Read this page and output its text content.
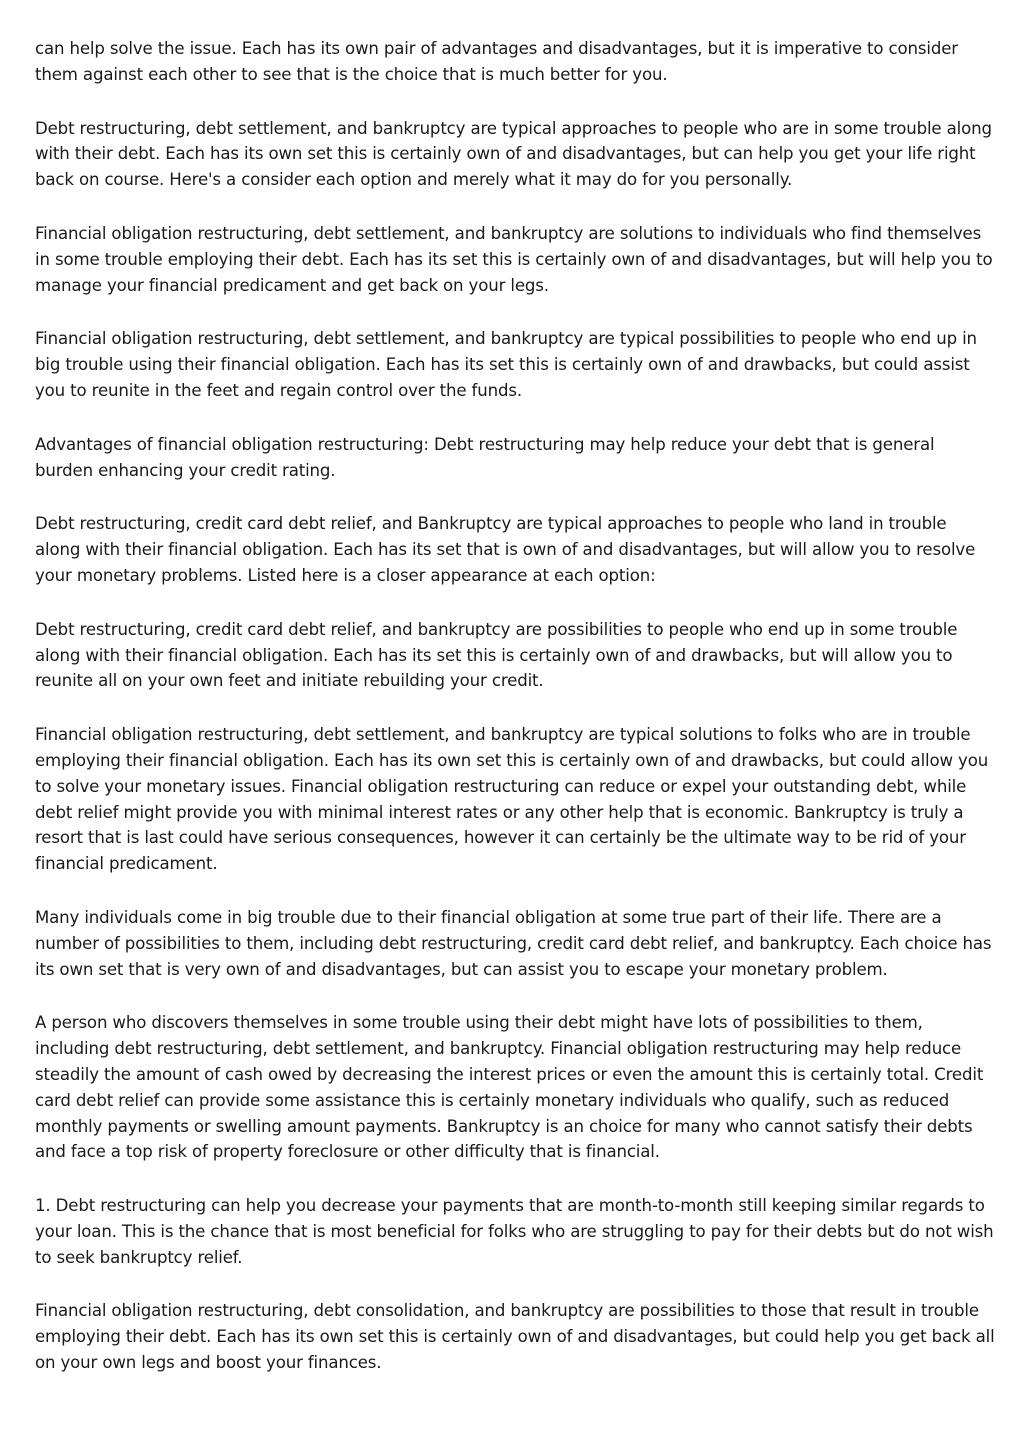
can help solve the issue. Each has its own pair of advantages and disadvantages, but it is imperative to consider them against each other to see that is the choice that is much better for you.

Debt restructuring, debt settlement, and bankruptcy are typical approaches to people who are in some trouble along with their debt. Each has its own set this is certainly own of and disadvantages, but can help you get your life right back on course. Here's a consider each option and merely what it may do for you personally.

Financial obligation restructuring, debt settlement, and bankruptcy are solutions to individuals who find themselves in some trouble employing their debt. Each has its set this is certainly own of and disadvantages, but will help you to manage your financial predicament and get back on your legs.

Financial obligation restructuring, debt settlement, and bankruptcy are typical possibilities to people who end up in big trouble using their financial obligation. Each has its set this is certainly own of and drawbacks, but could assist you to reunite in the feet and regain control over the funds.

Advantages of financial obligation restructuring: Debt restructuring may help reduce your debt that is general burden enhancing your credit rating.

Debt restructuring, credit card debt relief, and Bankruptcy are typical approaches to people who land in trouble along with their financial obligation. Each has its set that is own of and disadvantages, but will allow you to resolve your monetary problems. Listed here is a closer appearance at each option:

Debt restructuring, credit card debt relief, and bankruptcy are possibilities to people who end up in some trouble along with their financial obligation. Each has its set this is certainly own of and drawbacks, but will allow you to reunite all on your own feet and initiate rebuilding your credit.

Financial obligation restructuring, debt settlement, and bankruptcy are typical solutions to folks who are in trouble employing their financial obligation. Each has its own set this is certainly own of and drawbacks, but could allow you to solve your monetary issues. Financial obligation restructuring can reduce or expel your outstanding debt, while debt relief might provide you with minimal interest rates or any other help that is economic. Bankruptcy is truly a resort that is last could have serious consequences, however it can certainly be the ultimate way to be rid of your financial predicament.

Many individuals come in big trouble due to their financial obligation at some true part of their life. There are a number of possibilities to them, including debt restructuring, credit card debt relief, and bankruptcy. Each choice has its own set that is very own of and disadvantages, but can assist you to escape your monetary problem.

A person who discovers themselves in some trouble using their debt might have lots of possibilities to them, including debt restructuring, debt settlement, and bankruptcy. Financial obligation restructuring may help reduce steadily the amount of cash owed by decreasing the interest prices or even the amount this is certainly total. Credit card debt relief can provide some assistance this is certainly monetary individuals who qualify, such as reduced monthly payments or swelling amount payments. Bankruptcy is an choice for many who cannot satisfy their debts and face a top risk of property foreclosure or other difficulty that is financial.

1. Debt restructuring can help you decrease your payments that are month-to-month still keeping similar regards to your loan. This is the chance that is most beneficial for folks who are struggling to pay for their debts but do not wish to seek bankruptcy relief.

Financial obligation restructuring, debt consolidation, and bankruptcy are possibilities to those that result in trouble employing their debt. Each has its own set this is certainly own of and disadvantages, but could help you get back all on your own legs and boost your finances.
